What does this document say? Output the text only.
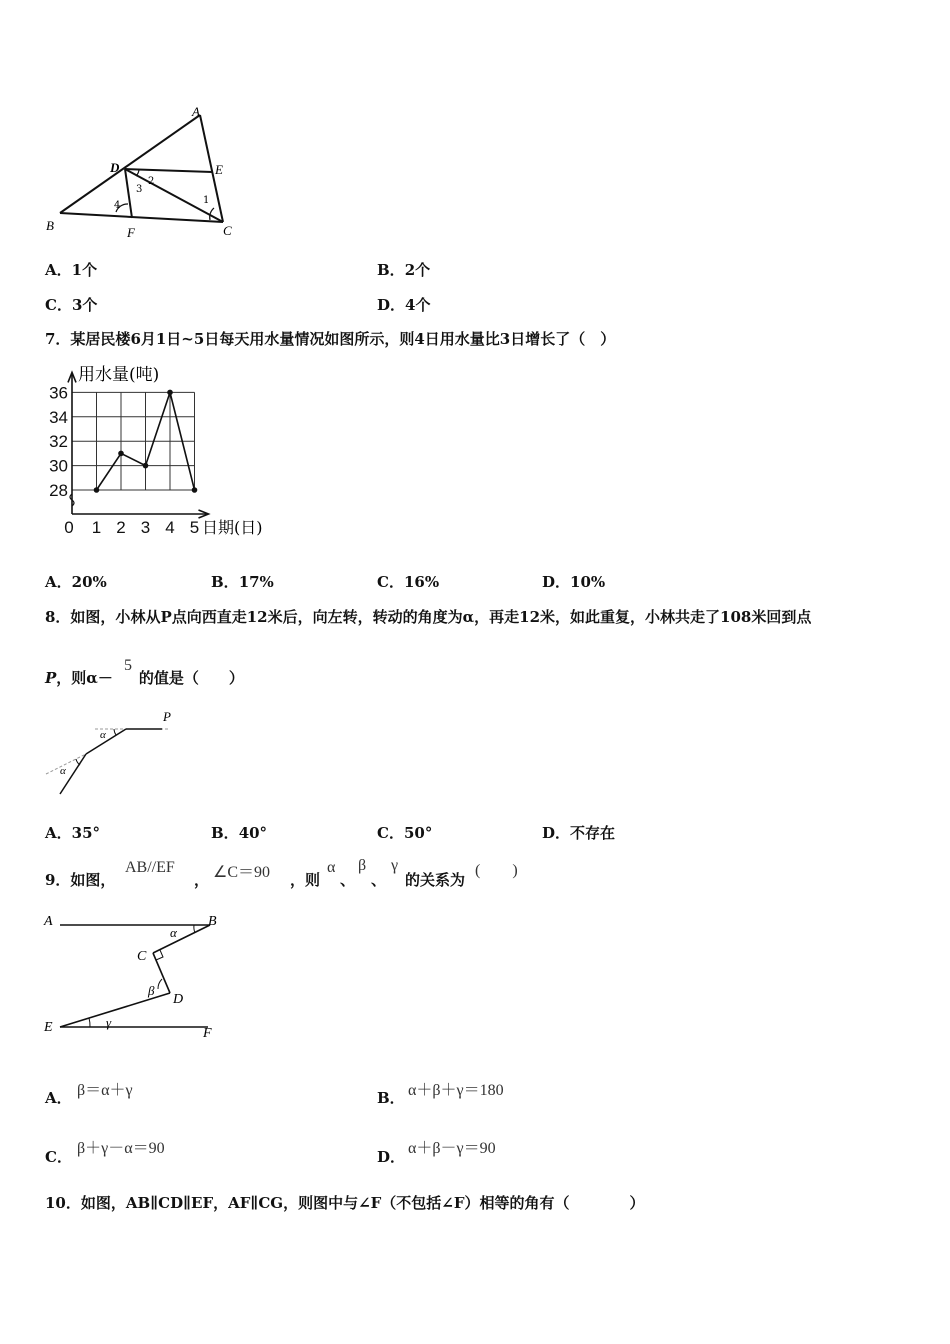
A
B	C
D	E
F
1
2
3
4
A．1个	B．2个
C．3个	D．4个
7．某居民楼6月1日~5日每天用水量情况如图所示，则4日用水量比3日增长了（　）
28
30
32
34
36
0 1 2 3 4 5
用水量(吨)
日期(日)
A．20%	B．17%	C．16%	D．10%
8．如图，小林从P点向西直走12米后，向左转，转动的角度为α，再走12米，如此重复，小林共走了108米回到点
P，则α－ 的值是（　　）
5
P
α
α
A．35°	B．40°	C．50°	D．不存在
9．如图，
AB//EF
， ∠C＝90 ，则
α
、
β
、
γ
的关系为
(　　)
A	B
C
D
E	F
α
β
γ
A． β＝α＋γ	B． α＋β＋γ＝180
C． β＋γ－α＝90	D． α＋β－γ＝90
10．如图，AB∥CD∥EF，AF∥CG，则图中与∠F（不包括∠F）相等的角有（　　　　）
